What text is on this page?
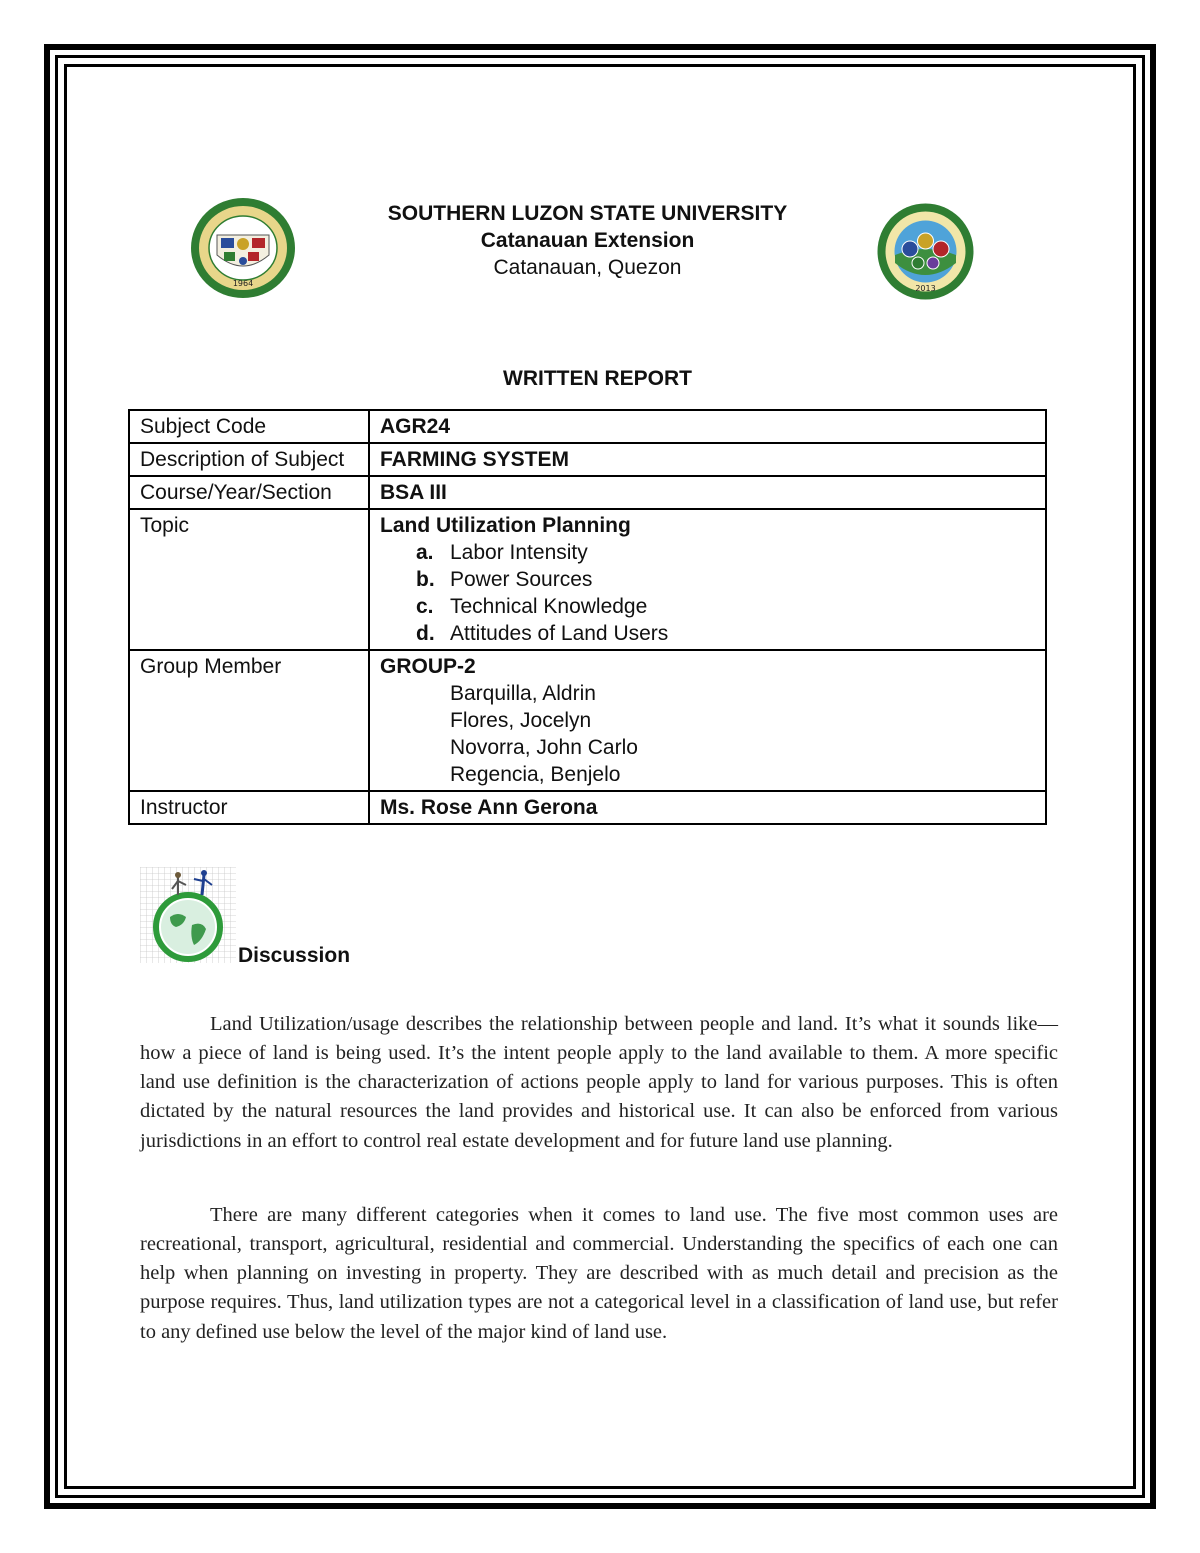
1964
SOUTHERN LUZON STATE UNIVERSITY
Catanauan Extension
Catanauan, Quezon
2013
WRITTEN REPORT
Subject Code	AGR24
Description of Subject	FARMING SYSTEM
Course/Year/Section	BSA III
Topic	Land Utilization Planning
a. Labor Intensity
b. Power Sources
c. Technical Knowledge
d. Attitudes of Land Users

Group Member	GROUP-2
Barquilla, Aldrin
Flores, Jocelyn
Novorra, John Carlo
Regencia, Benjelo

Instructor	Ms. Rose Ann Gerona
Discussion

Land Utilization/usage describes the relationship between people and land. It’s what it sounds like—how a piece of land is being used. It’s the intent people apply to the land available to them. A more specific land use definition is the characterization of actions people apply to land for various purposes. This is often dictated by the natural resources the land provides and historical use. It can also be enforced from various jurisdictions in an effort to control real estate development and for future land use planning.

There are many different categories when it comes to land use. The five most common uses are recreational, transport, agricultural, residential and commercial. Understanding the specifics of each one can help when planning on investing in property. They are described with as much detail and precision as the purpose requires. Thus, land utilization types are not a categorical level in a classification of land use, but refer to any defined use below the level of the major kind of land use.
